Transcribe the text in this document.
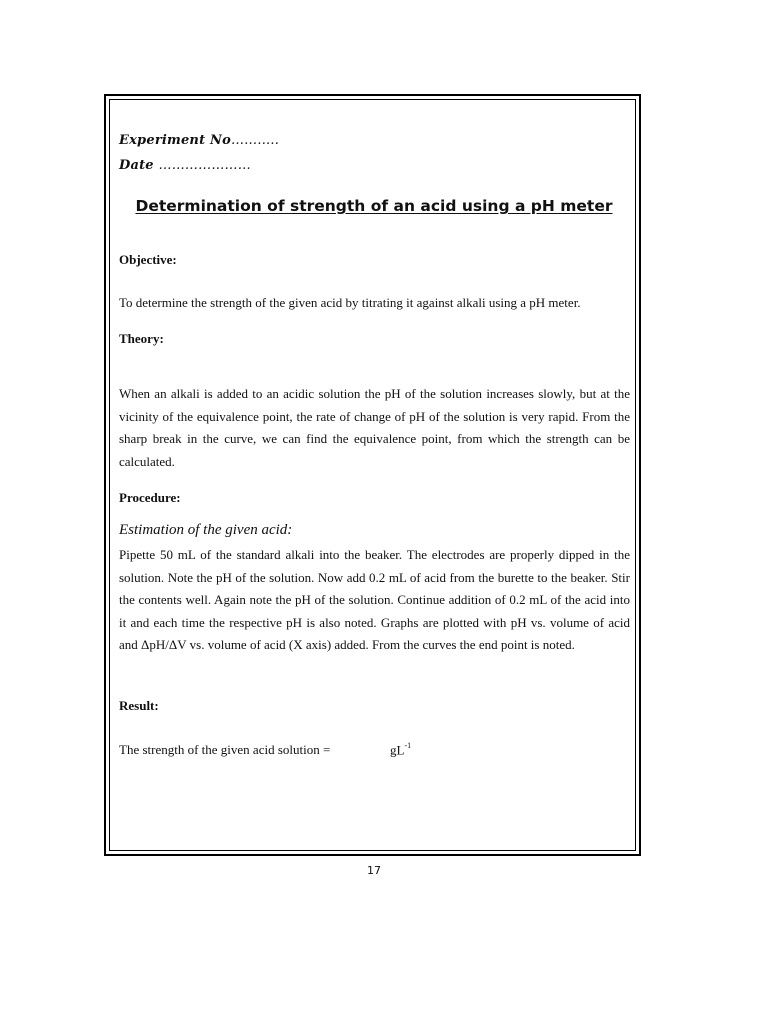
Experiment No…….....
Date …………………
Determination of strength of an acid using a pH meter
Objective:

To determine the strength of the given acid by titrating it against alkali using a pH meter.

Theory:

When an alkali is added to an acidic solution the pH of the solution increases slowly, but at the vicinity of the equivalence point, the rate of change of pH of the solution is very rapid. From the sharp break in the curve, we can find the equivalence point, from which the strength can be calculated.

Procedure:
Estimation of the given acid:

Pipette 50 mL of the standard alkali into the beaker. The electrodes are properly dipped in the solution. Note the pH of the solution. Now add 0.2 mL of acid from the burette to the beaker. Stir the contents well. Again note the pH of the solution. Continue addition of 0.2 mL of the acid into it and each time the respective pH is also noted. Graphs are plotted with pH vs. volume of acid and ΔpH/ΔV vs. volume of acid (X axis) added. From the curves the end point is noted.

Result:
The strength of the given acid solution =	$gL^{-1}$
17
